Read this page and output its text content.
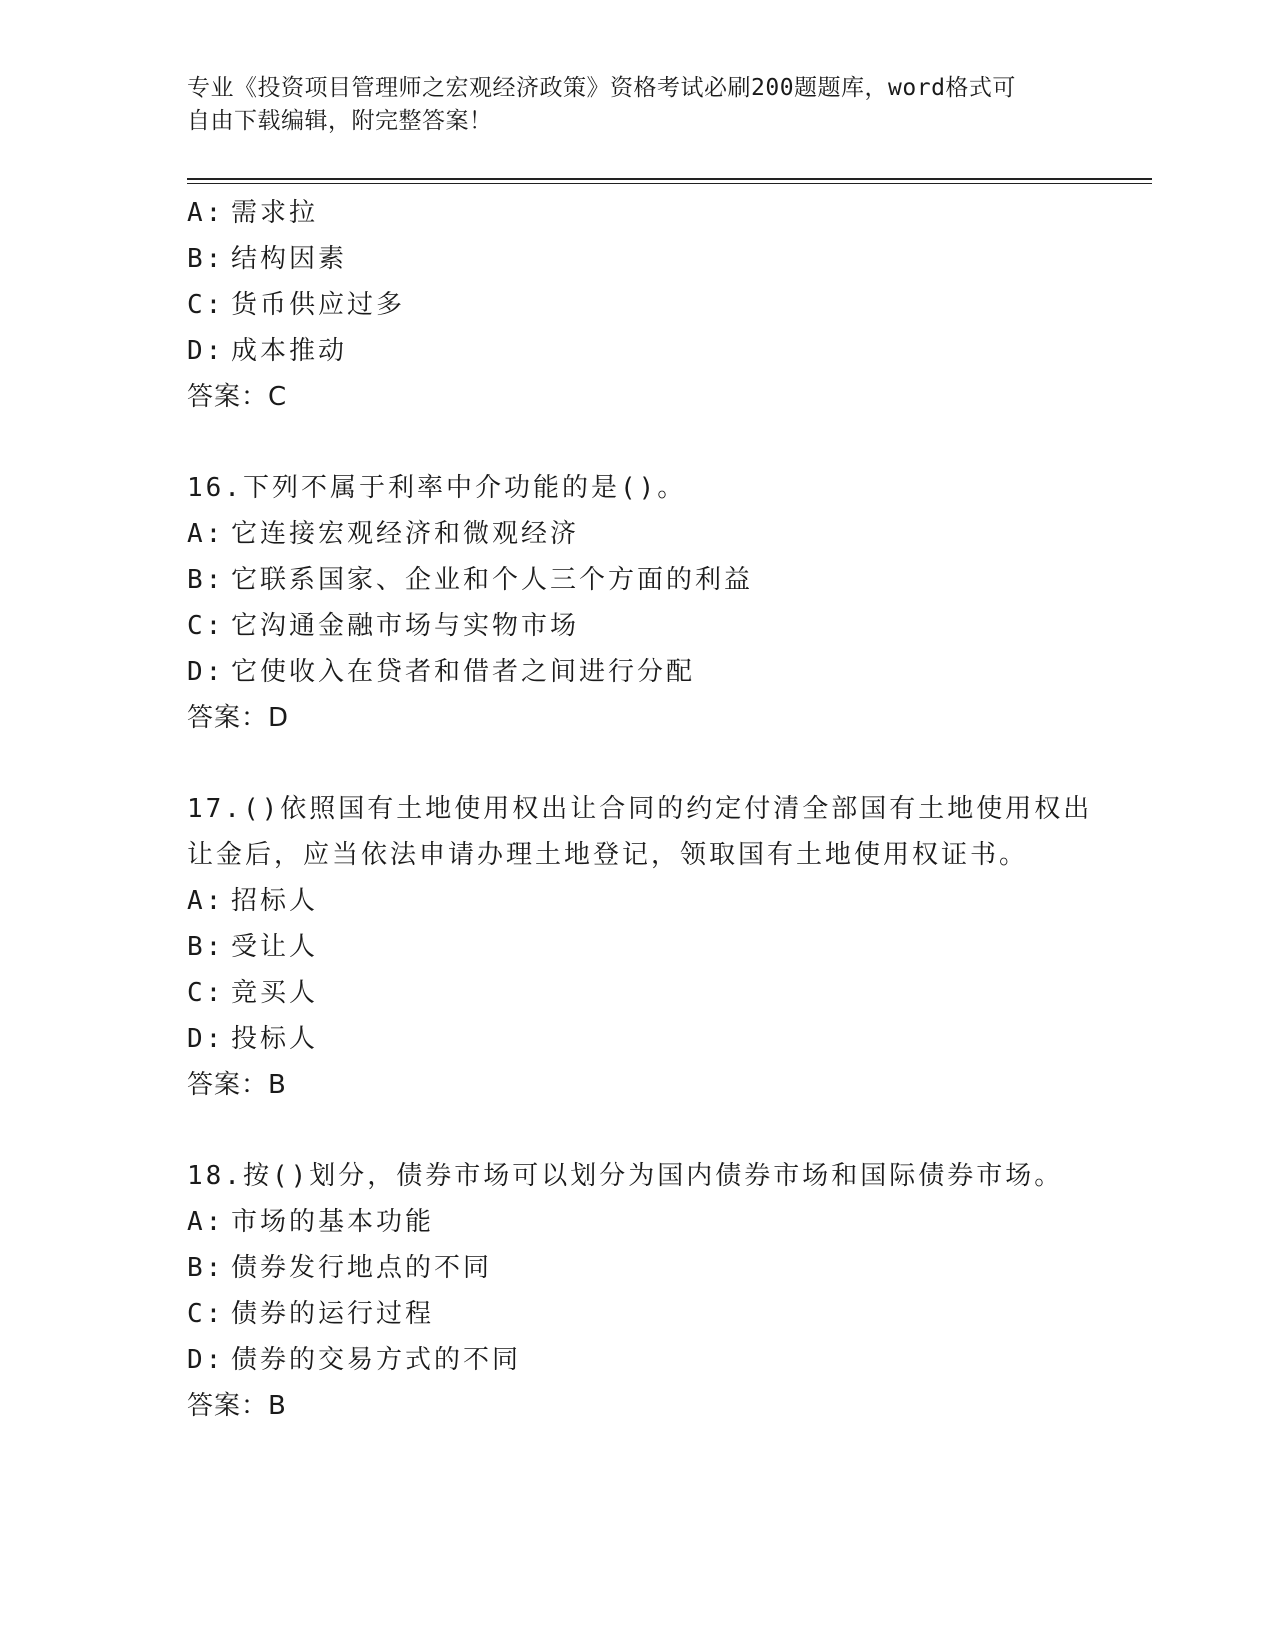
专业《投资项目管理师之宏观经济政策》资格考试必刷200题题库，word格式可
自由下载编辑，附完整答案！
A: 需求拉
B: 结构因素
C: 货币供应过多
D: 成本推动
答案：C
16.下列不属于利率中介功能的是()。
A: 它连接宏观经济和微观经济
B: 它联系国家、企业和个人三个方面的利益
C: 它沟通金融市场与实物市场
D: 它使收入在贷者和借者之间进行分配
答案：D
17.()依照国有土地使用权出让合同的约定付清全部国有土地使用权出
让金后，应当依法申请办理土地登记，领取国有土地使用权证书。
A: 招标人
B: 受让人
C: 竞买人
D: 投标人
答案：B
18.按()划分，债券市场可以划分为国内债券市场和国际债券市场。
A: 市场的基本功能
B: 债券发行地点的不同
C: 债券的运行过程
D: 债券的交易方式的不同
答案：B
